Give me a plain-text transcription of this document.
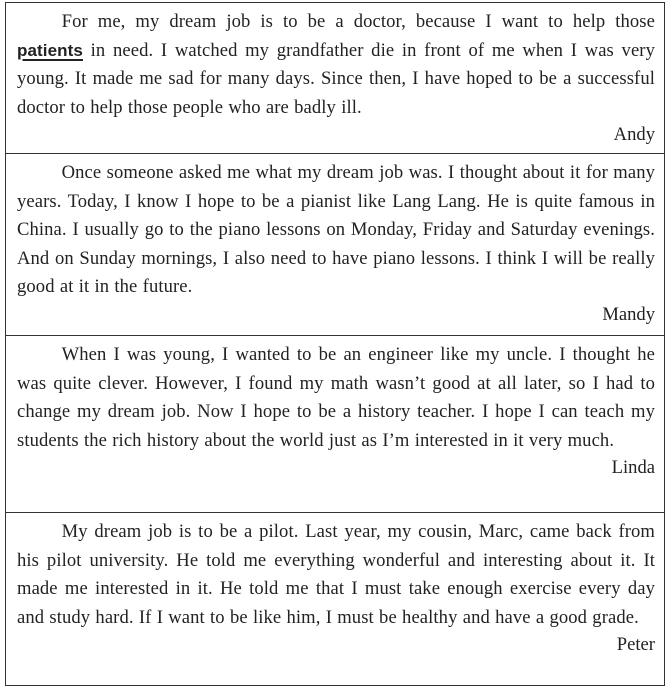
For me, my dream job is to be a doctor, because I want to help those patients in need. I watched my grandfather die in front of me when I was very young. It made me sad for many days. Since then, I have hoped to be a successful doctor to help those people who are badly ill.

Andy

Once someone asked me what my dream job was. I thought about it for many years. Today, I know I hope to be a pianist like Lang Lang. He is quite famous in China. I usually go to the piano lessons on Monday, Friday and Saturday evenings. And on Sunday mornings, I also need to have piano lessons. I think I will be really good at it in the future.

Mandy

When I was young, I wanted to be an engineer like my uncle. I thought he was quite clever. However, I found my math wasn’t good at all later, so I had to change my dream job. Now I hope to be a history teacher. I hope I can teach my students the rich history about the world just as I’m interested in it very much.

Linda

My dream job is to be a pilot. Last year, my cousin, Marc, came back from his pilot university. He told me everything wonderful and interesting about it. It made me interested in it. He told me that I must take enough exercise every day and study hard. If I want to be like him, I must be healthy and have a good grade.

Peter
